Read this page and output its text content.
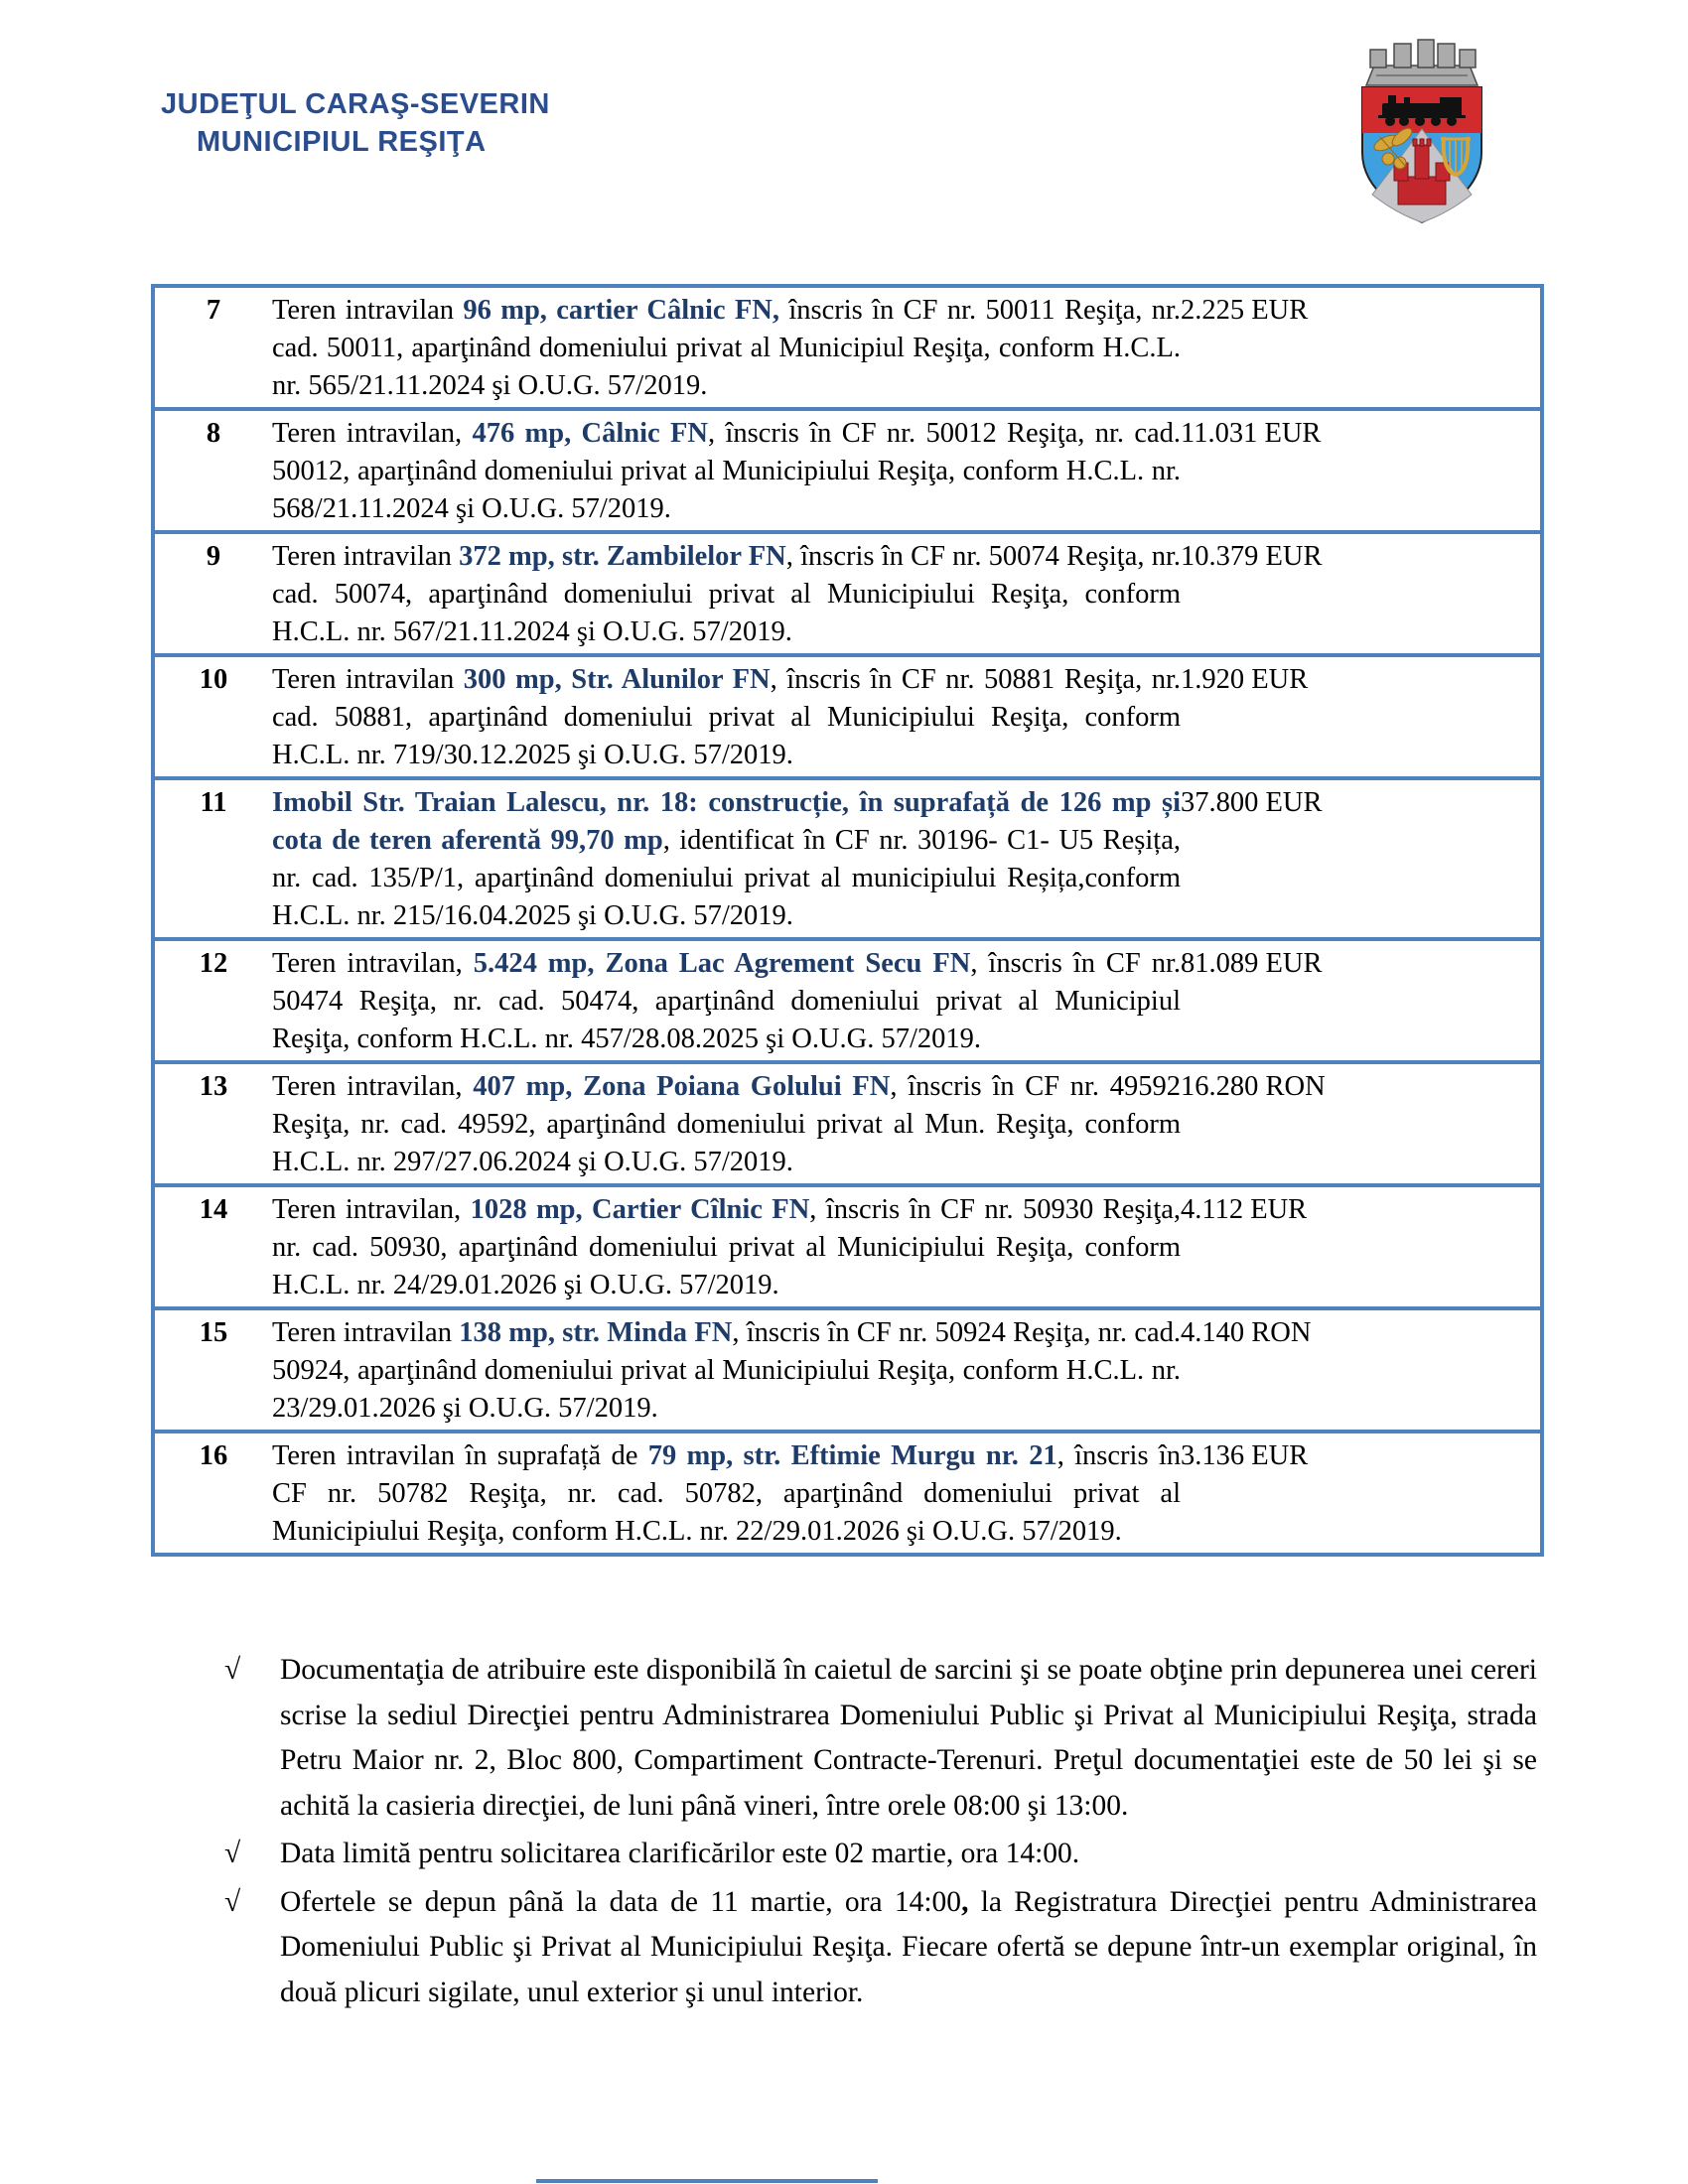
JUDEŢUL CARAŞ-SEVERIN
MUNICIPIUL REŞIŢA
7	Teren intravilan 96 mp, cartier Câlnic FN, înscris în CF nr. 50011 Reşiţa, nr. cad. 50011, aparţinând domeniului privat al Municipiul Reşiţa, conform H.C.L. nr. 565/21.11.2024 şi O.U.G. 57/2019.	2.225 EUR
8	Teren intravilan, 476 mp, Câlnic FN, înscris în CF nr. 50012 Reşiţa, nr. cad. 50012, aparţinând domeniului privat al Municipiului Reşiţa, conform H.C.L. nr. 568/21.11.2024 şi O.U.G. 57/2019.	11.031 EUR
9	Teren intravilan 372 mp, str. Zambilelor FN, înscris în CF nr. 50074 Reşiţa, nr. cad. 50074, aparţinând domeniului privat al Municipiului Reşiţa, conform H.C.L. nr. 567/21.11.2024 şi O.U.G. 57/2019.	10.379 EUR
10	Teren intravilan 300 mp, Str. Alunilor FN, înscris în CF nr. 50881 Reşiţa, nr. cad. 50881, aparţinând domeniului privat al Municipiului Reşiţa, conform H.C.L. nr. 719/30.12.2025 şi O.U.G. 57/2019.	1.920 EUR
11	Imobil Str. Traian Lalescu, nr. 18: construcție, în suprafață de 126 mp și cota de teren aferentă 99,70 mp, identificat în CF nr. 30196- C1- U5 Reșița, nr. cad. 135/P/1, aparţinând domeniului privat al municipiului Reșița,conform H.C.L. nr. 215/16.04.2025 şi O.U.G. 57/2019.	37.800 EUR
12	Teren intravilan, 5.424 mp, Zona Lac Agrement Secu FN, înscris în CF nr. 50474 Reşiţa, nr. cad. 50474, aparţinând domeniului privat al Municipiul Reşiţa, conform H.C.L. nr. 457/28.08.2025 şi O.U.G. 57/2019.	81.089 EUR
13	Teren intravilan, 407 mp, Zona Poiana Golului FN, înscris în CF nr. 49592 Reşiţa, nr. cad. 49592, aparţinând domeniului privat al Mun. Reşiţa, conform H.C.L. nr. 297/27.06.2024 şi O.U.G. 57/2019.	16.280 RON
14	Teren intravilan, 1028 mp, Cartier Cîlnic FN, înscris în CF nr. 50930 Reşiţa, nr. cad. 50930, aparţinând domeniului privat al Municipiului Reşiţa, conform H.C.L. nr. 24/29.01.2026 şi O.U.G. 57/2019.	4.112 EUR
15	Teren intravilan 138 mp, str. Minda FN, înscris în CF nr. 50924 Reşiţa, nr. cad. 50924, aparţinând domeniului privat al Municipiului Reşiţa, conform H.C.L. nr. 23/29.01.2026 şi O.U.G. 57/2019.	4.140 RON
16	Teren intravilan în suprafață de 79 mp, str. Eftimie Murgu nr. 21, înscris în CF nr. 50782 Reşiţa, nr. cad. 50782, aparţinând domeniului privat al Municipiului Reşiţa, conform H.C.L. nr. 22/29.01.2026 şi O.U.G. 57/2019.	3.136 EUR
√	Documentaţia de atribuire este disponibilă în caietul de sarcini şi se poate obţine prin depunerea unei cereri scrise la sediul Direcţiei pentru Administrarea Domeniului Public şi Privat al Municipiului Reşiţa, strada Petru Maior nr. 2, Bloc 800, Compartiment Contracte-Terenuri. Preţul documentaţiei este de 50 lei şi se achită la casieria direcţiei, de luni până vineri, între orele 08:00 şi 13:00.
√	Data limită pentru solicitarea clarificărilor este 02 martie, ora 14:00.
√	Ofertele se depun până la data de 11 martie, ora 14:00, la Registratura Direcţiei pentru Administrarea Domeniului Public şi Privat al Municipiului Reşiţa. Fiecare ofertă se depune într-un exemplar original, în două plicuri sigilate, unul exterior şi unul interior.
